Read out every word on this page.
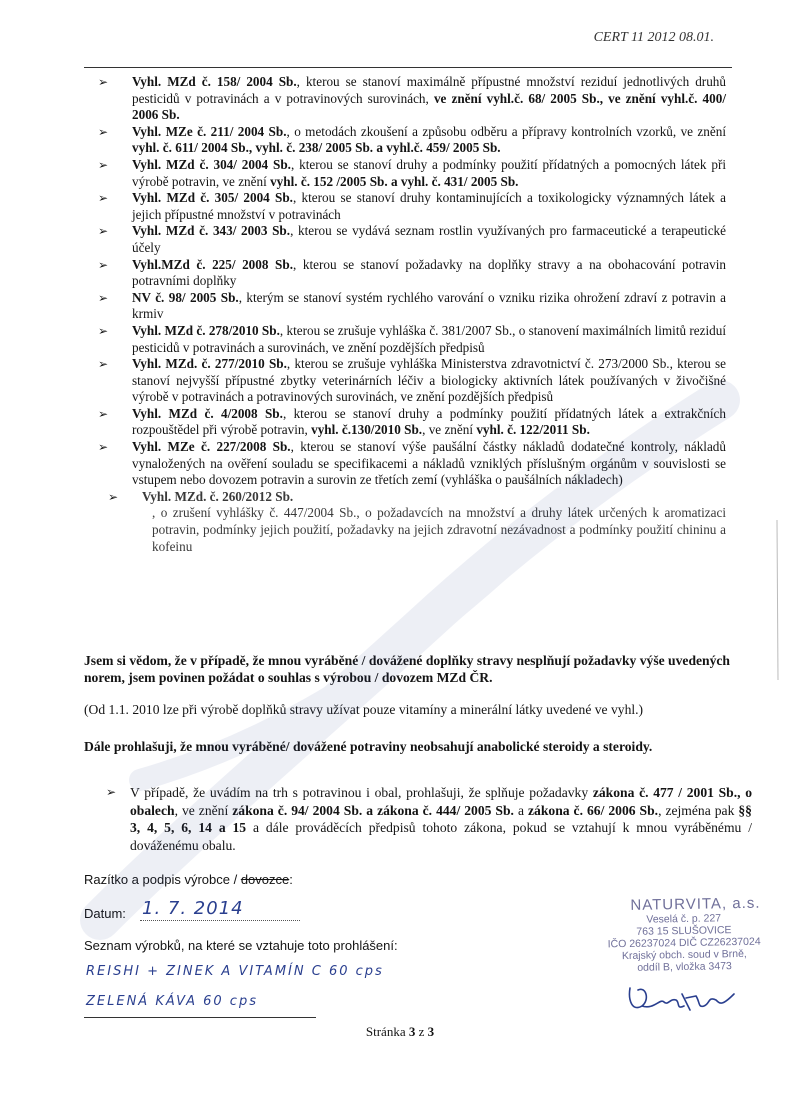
CERT 11 2012 08.01.
➢ Vyhl. MZd č. 158/ 2004 Sb., kterou se stanoví maximálně přípustné množství reziduí jednotlivých druhů pesticidů v potravinách a v potravinových surovinách, ve znění vyhl.č. 68/ 2005 Sb., ve znění vyhl.č. 400/ 2006 Sb.
➢ Vyhl. MZe č. 211/ 2004 Sb., o metodách zkoušení a způsobu odběru a přípravy kontrolních vzorků, ve znění vyhl. č. 611/ 2004 Sb., vyhl. č. 238/ 2005 Sb. a vyhl.č. 459/ 2005 Sb.
➢ Vyhl. MZd č. 304/ 2004 Sb., kterou se stanoví druhy a podmínky použití přídatných a pomocných látek při výrobě potravin, ve znění vyhl. č. 152 /2005 Sb. a vyhl. č. 431/ 2005 Sb.
➢ Vyhl. MZd č. 305/ 2004 Sb., kterou se stanoví druhy kontaminujících a toxikologicky významných látek a jejich přípustné množství v potravinách
➢ Vyhl. MZd č. 343/ 2003 Sb., kterou se vydává seznam rostlin využívaných pro farmaceutické a terapeutické účely
➢ Vyhl.MZd č. 225/ 2008 Sb., kterou se stanoví požadavky na doplňky stravy a na obohacování potravin potravními doplňky
➢ NV č. 98/ 2005 Sb., kterým se stanoví systém rychlého varování o vzniku rizika ohrožení zdraví z potravin a krmiv
➢ Vyhl. MZd č. 278/2010 Sb., kterou se zrušuje vyhláška č. 381/2007 Sb., o stanovení maximálních limitů reziduí pesticidů v potravinách a surovinách, ve znění pozdějších předpisů
➢ Vyhl. MZd. č. 277/2010 Sb., kterou se zrušuje vyhláška Ministerstva zdravotnictví č. 273/2000 Sb., kterou se stanoví nejvyšší přípustné zbytky veterinárních léčiv a biologicky aktivních látek používaných v živočišné výrobě v potravinách a potravinových surovinách, ve znění pozdějších předpisů
➢ Vyhl. MZd č. 4/2008 Sb., kterou se stanoví druhy a podmínky použití přídatných látek a extrakčních rozpouštědel při výrobě potravin, vyhl. č.130/2010 Sb., ve znění vyhl. č. 122/2011 Sb.
➢ Vyhl. MZe č. 227/2008 Sb., kterou se stanoví výše paušální částky nákladů dodatečné kontroly, nákladů vynaložených na ověření souladu se specifikacemi a nákladů vzniklých příslušným orgánům v souvislosti se vstupem nebo dovozem potravin a surovin ze třetích zemí (vyhláška o paušálních nákladech)
➢ Vyhl. MZd. č. 260/2012 Sb.
, o zrušení vyhlášky č. 447/2004 Sb., o požadavcích na množství a druhy látek určených k aromatizaci potravin, podmínky jejich použití, požadavky na jejich zdravotní nezávadnost a podmínky použití chininu a kofeinu
Jsem si vědom, že v případě, že mnou vyráběné / dovážené doplňky stravy nesplňují požadavky výše uvedených norem, jsem povinen požádat o souhlas s výrobou / dovozem MZd ČR.
(Od 1.1. 2010 lze při výrobě doplňků stravy užívat pouze vitamíny a minerální látky uvedené ve vyhl.)
Dále prohlašuji, že mnou vyráběné/ dovážené potraviny neobsahují anabolické steroidy a steroidy.
➢ V případě, že uvádím na trh s potravinou i obal, prohlašuji, že splňuje požadavky zákona č. 477 / 2001 Sb., o obalech, ve znění zákona č. 94/ 2004 Sb. a zákona č. 444/ 2005 Sb. a zákona č. 66/ 2006 Sb., zejména pak §§ 3, 4, 5, 6, 14 a 15 a dále prováděcích předpisů tohoto zákona, pokud se vztahují k mnou vyráběnému / dováženému obalu.
Razítko a podpis výrobce / dovozce:
Datum: 1. 7. 2014
Seznam výrobků, na které se vztahuje toto prohlášení:
REISHI + ZINEK A VITAMÍN C 60 cps
ZELENÁ KÁVA 60 cps
NATURVITA, a.s.
Veselá č. p. 227
763 15 SLUŠOVICE
IČO 26237024 DIČ CZ26237024
Krajský obch. soud v Brně,
oddíl B, vložka 3473
Stránka 3 z 3
